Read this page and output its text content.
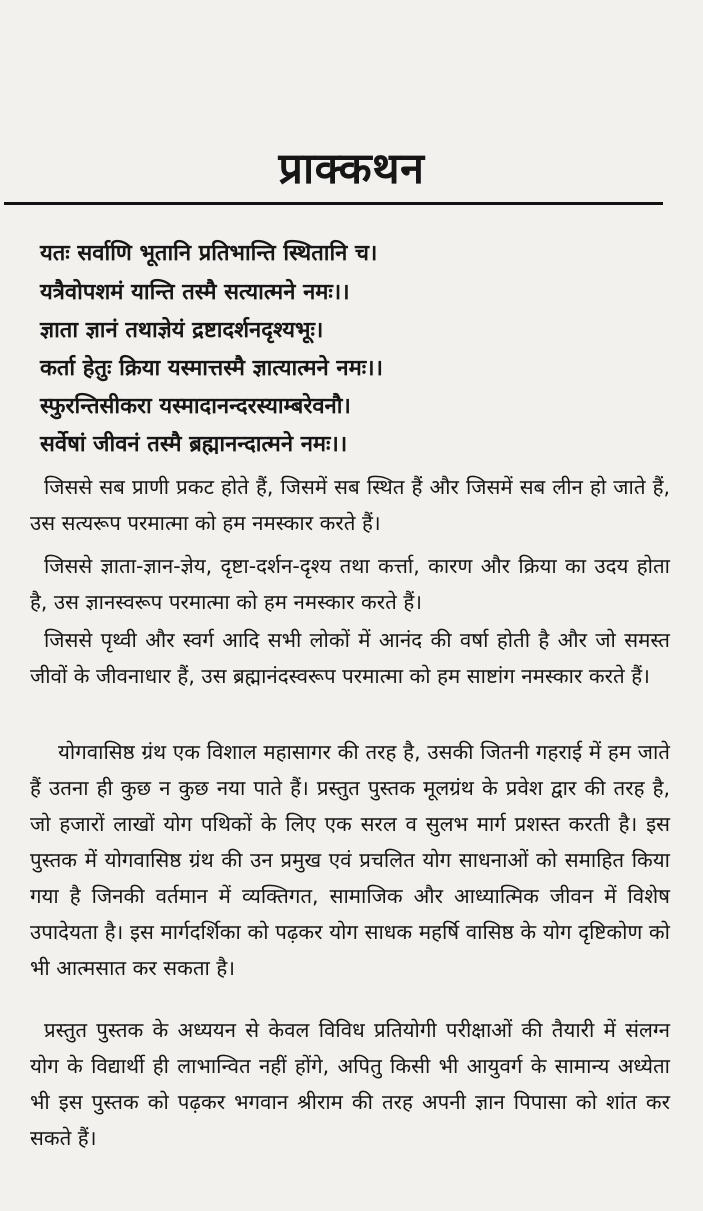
प्राक्कथन
यतः सर्वाणि भूतानि प्रतिभान्ति स्थितानि च।
यत्रैवोपशमं यान्ति तस्मै सत्यात्मने नमः।।
ज्ञाता ज्ञानं तथाज्ञेयं द्रष्टादर्शनदृश्यभूः।
कर्ता हेतुः क्रिया यस्मात्तस्मै ज्ञात्यात्मने नमः।।
स्फुरन्तिसीकरा यस्मादानन्दरस्याम्बरेवनौ।
सर्वेषां जीवनं तस्मै ब्रह्मानन्दात्मने नमः।।

जिससे सब प्राणी प्रकट होते हैं, जिसमें सब स्थित हैं और जिसमें सब लीन हो जाते हैं, उस सत्यरूप परमात्मा को हम नमस्कार करते हैं।

जिससे ज्ञाता-ज्ञान-ज्ञेय, दृष्टा-दर्शन-दृश्य तथा कर्त्ता, कारण और क्रिया का उदय होता है, उस ज्ञानस्वरूप परमात्मा को हम नमस्कार करते हैं।

जिससे पृथ्वी और स्वर्ग आदि सभी लोकों में आनंद की वर्षा होती है और जो समस्त जीवों के जीवनाधार हैं, उस ब्रह्मानंदस्वरूप परमात्मा को हम साष्टांग नमस्कार करते हैं।

योगवासिष्ठ ग्रंथ एक विशाल महासागर की तरह है, उसकी जितनी गहराई में हम जाते हैं उतना ही कुछ न कुछ नया पाते हैं। प्रस्तुत पुस्तक मूलग्रंथ के प्रवेश द्वार की तरह है, जो हजारों लाखों योग पथिकों के लिए एक सरल व सुलभ मार्ग प्रशस्त करती है। इस पुस्तक में योगवासिष्ठ ग्रंथ की उन प्रमुख एवं प्रचलित योग साधनाओं को समाहित किया गया है जिनकी वर्तमान में व्यक्तिगत, सामाजिक और आध्यात्मिक जीवन में विशेष उपादेयता है। इस मार्गदर्शिका को पढ़कर योग साधक महर्षि वासिष्ठ के योग दृष्टिकोण को भी आत्मसात कर सकता है।

प्रस्तुत पुस्तक के अध्ययन से केवल विविध प्रतियोगी परीक्षाओं की तैयारी में संलग्न योग के विद्यार्थी ही लाभान्वित नहीं होंगे, अपितु किसी भी आयुवर्ग के सामान्य अध्येता भी इस पुस्तक को पढ़कर भगवान श्रीराम की तरह अपनी ज्ञान पिपासा को शांत कर सकते हैं।
